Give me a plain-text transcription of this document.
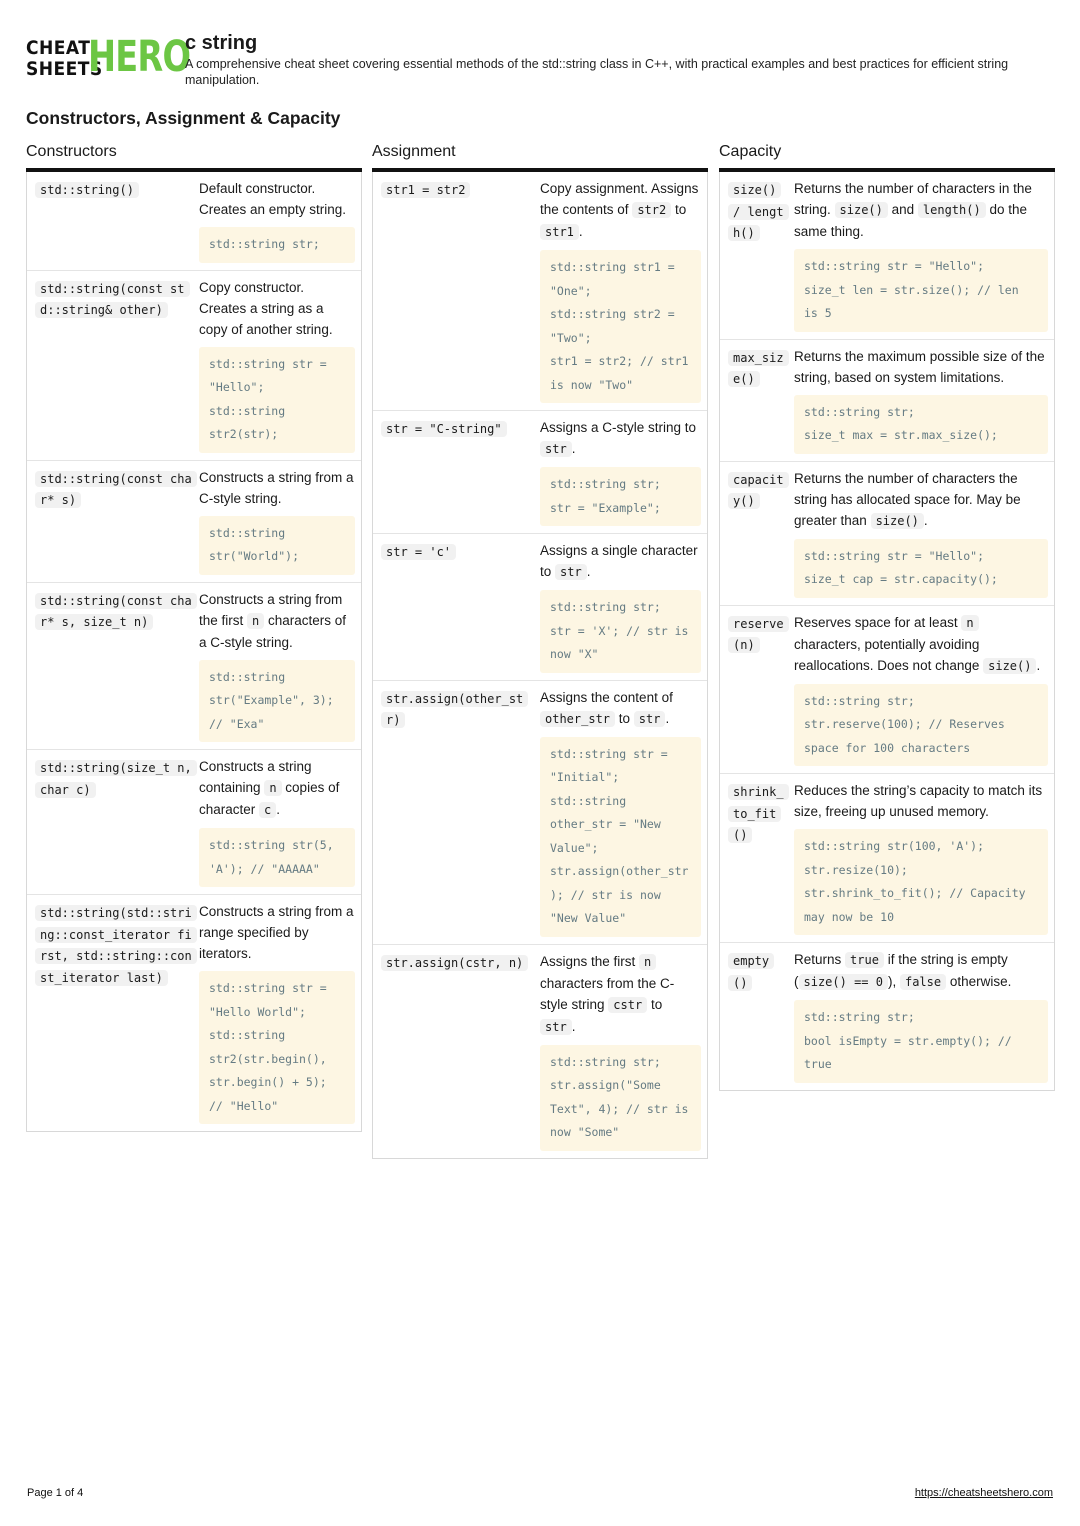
CHEAT
SHEETS
HERO
c string
A comprehensive cheat sheet covering essential methods of the std::string class in C++, with practical examples and best practices for efficient string manipulation.
Constructors, Assignment & Capacity
Constructors
std::string()	Default constructor. Creates an empty string.
std::string str;
std::string(const std::string& other)
Copy constructor. Creates a string as a copy of another string.
std::string str = "Hello";
std::string str2(str);
std::string(const char* s)
Constructs a string from a C-style string.
std::string str("World");
std::string(const char* s, size_t n)
Constructs a string from the first n characters of a C-style string.
std::string str("Example", 3); // "Exa"
std::string(size_t n, char c)
Constructs a string containing n copies of character c .
std::string str(5, 'A'); // "AAAAA"
std::string(std::string::const_iterator first, std::string::const_iterator last)
Constructs a string from a range specified by iterators.
std::string str = "Hello World";
std::string str2(str.begin(), str.begin() + 5); // "Hello"
Assignment
str1 = str2	Copy assignment. Assigns the contents of str2 to str1 .
std::string str1 = "One";
std::string str2 = "Two";
str1 = str2; // str1 is now "Two"
str = "C-string"	Assigns a C-style string to str .
std::string str;
str = "Example";
str = 'c'	Assigns a single character to str .
std::string str;
str = 'X'; // str is now "X"
str.assign(other_str)
Assigns the content of other_str to str .
std::string str = "Initial";
std::string other_str = "New Value";
str.assign(other_str); // str is now "New Value"
str.assign(cstr, n)	Assigns the first n characters from the C-style string cstr to str .
std::string str;
str.assign("Some Text", 4); // str is now "Some"
Capacity
size() / length()
Returns the number of characters in the string. size() and length() do the same thing.
std::string str = "Hello";
size_t len = str.size(); // len is 5
max_size()
Returns the maximum possible size of the string, based on system limitations.
std::string str;
size_t max = str.max_size();
capacity()
Returns the number of characters the string has allocated space for. May be greater than size() .
std::string str = "Hello";
size_t cap = str.capacity();
reserve(n)
Reserves space for at least n characters, potentially avoiding reallocations. Does not change size() .
std::string str;
str.reserve(100); // Reserves space for 100 characters
shrink_to_fit()
Reduces the string’s capacity to match its size, freeing up unused memory.
std::string str(100, 'A');
str.resize(10);
str.shrink_to_fit(); // Capacity may now be 10
empty()
Returns true if the string is empty ( size() == 0 ), false otherwise.
std::string str;
bool isEmpty = str.empty(); // true
Page 1 of 4	https://cheatsheetshero.com
